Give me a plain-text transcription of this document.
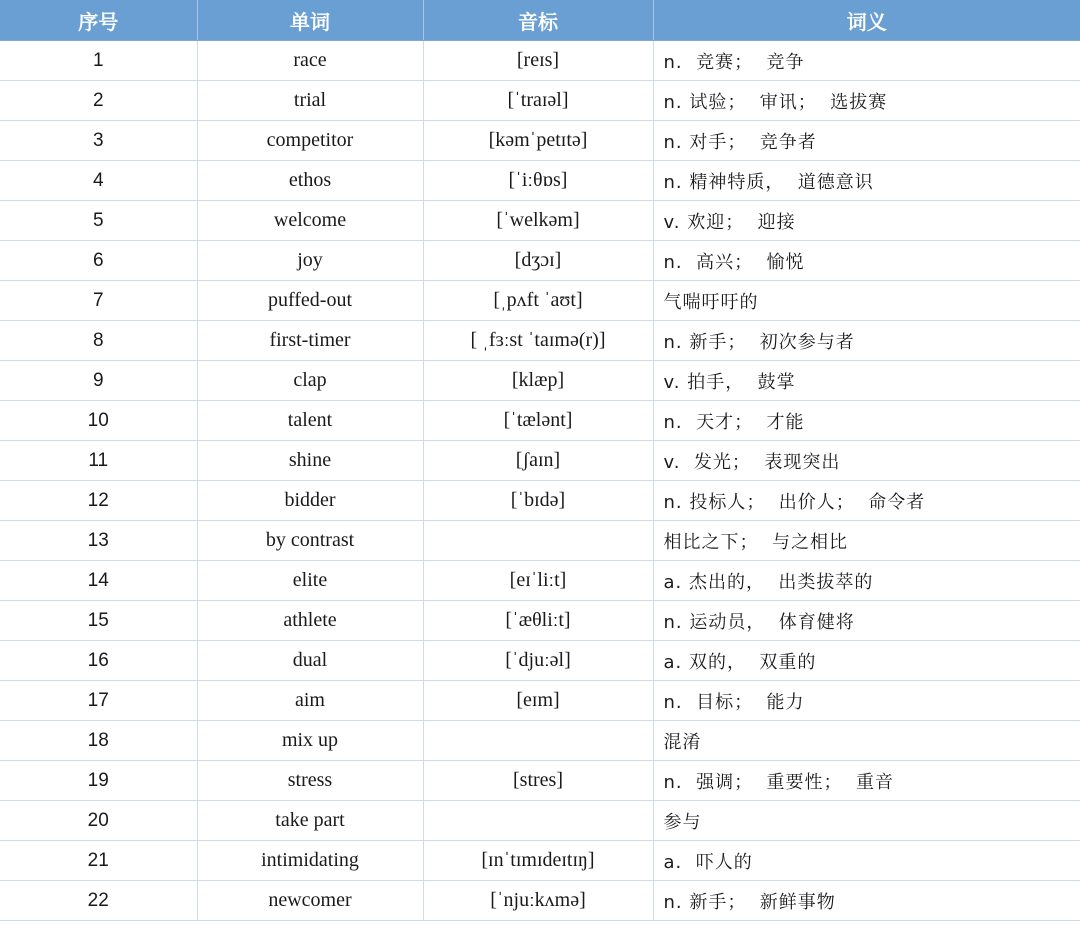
序号	单词	音标	词义
1	race	[reɪs]	n.  竞赛；  竞争
2	trial	[ˈtraɪəl]	n. 试验；  审讯；  选拔赛
3	competitor	[kəmˈpetɪtə]	n. 对手；  竞争者
4	ethos	[ˈiːθɒs]	n. 精神特质，  道德意识
5	welcome	[ˈwelkəm]	v. 欢迎；  迎接
6	joy	[dʒɔɪ]	n.  高兴；  愉悦
7	puffed-out	[ˌpʌft ˈaʊt]	气喘吁吁的
8	first-timer	[ ˌfɜːst ˈtaɪmə(r)]	n. 新手；  初次参与者
9	clap	[klæp]	v. 拍手，  鼓掌
10	talent	[ˈtælənt]	n.  天才；  才能
11	shine	[ʃaɪn]	v.  发光；  表现突出
12	bidder	[ˈbɪdə]	n. 投标人；  出价人；  命令者
13	by contrast		相比之下；  与之相比
14	elite	[eɪˈliːt]	a. 杰出的，  出类拔萃的
15	athlete	[ˈæθliːt]	n. 运动员，  体育健将
16	dual	[ˈdjuːəl]	a. 双的，  双重的
17	aim	[eɪm]	n.  目标；  能力
18	mix up		混淆
19	stress	[stres]	n.  强调；  重要性；  重音
20	take part		参与
21	intimidating	[ɪnˈtɪmɪdeɪtɪŋ]	a.  吓人的
22	newcomer	[ˈnjuːkʌmə]	n. 新手；  新鲜事物
